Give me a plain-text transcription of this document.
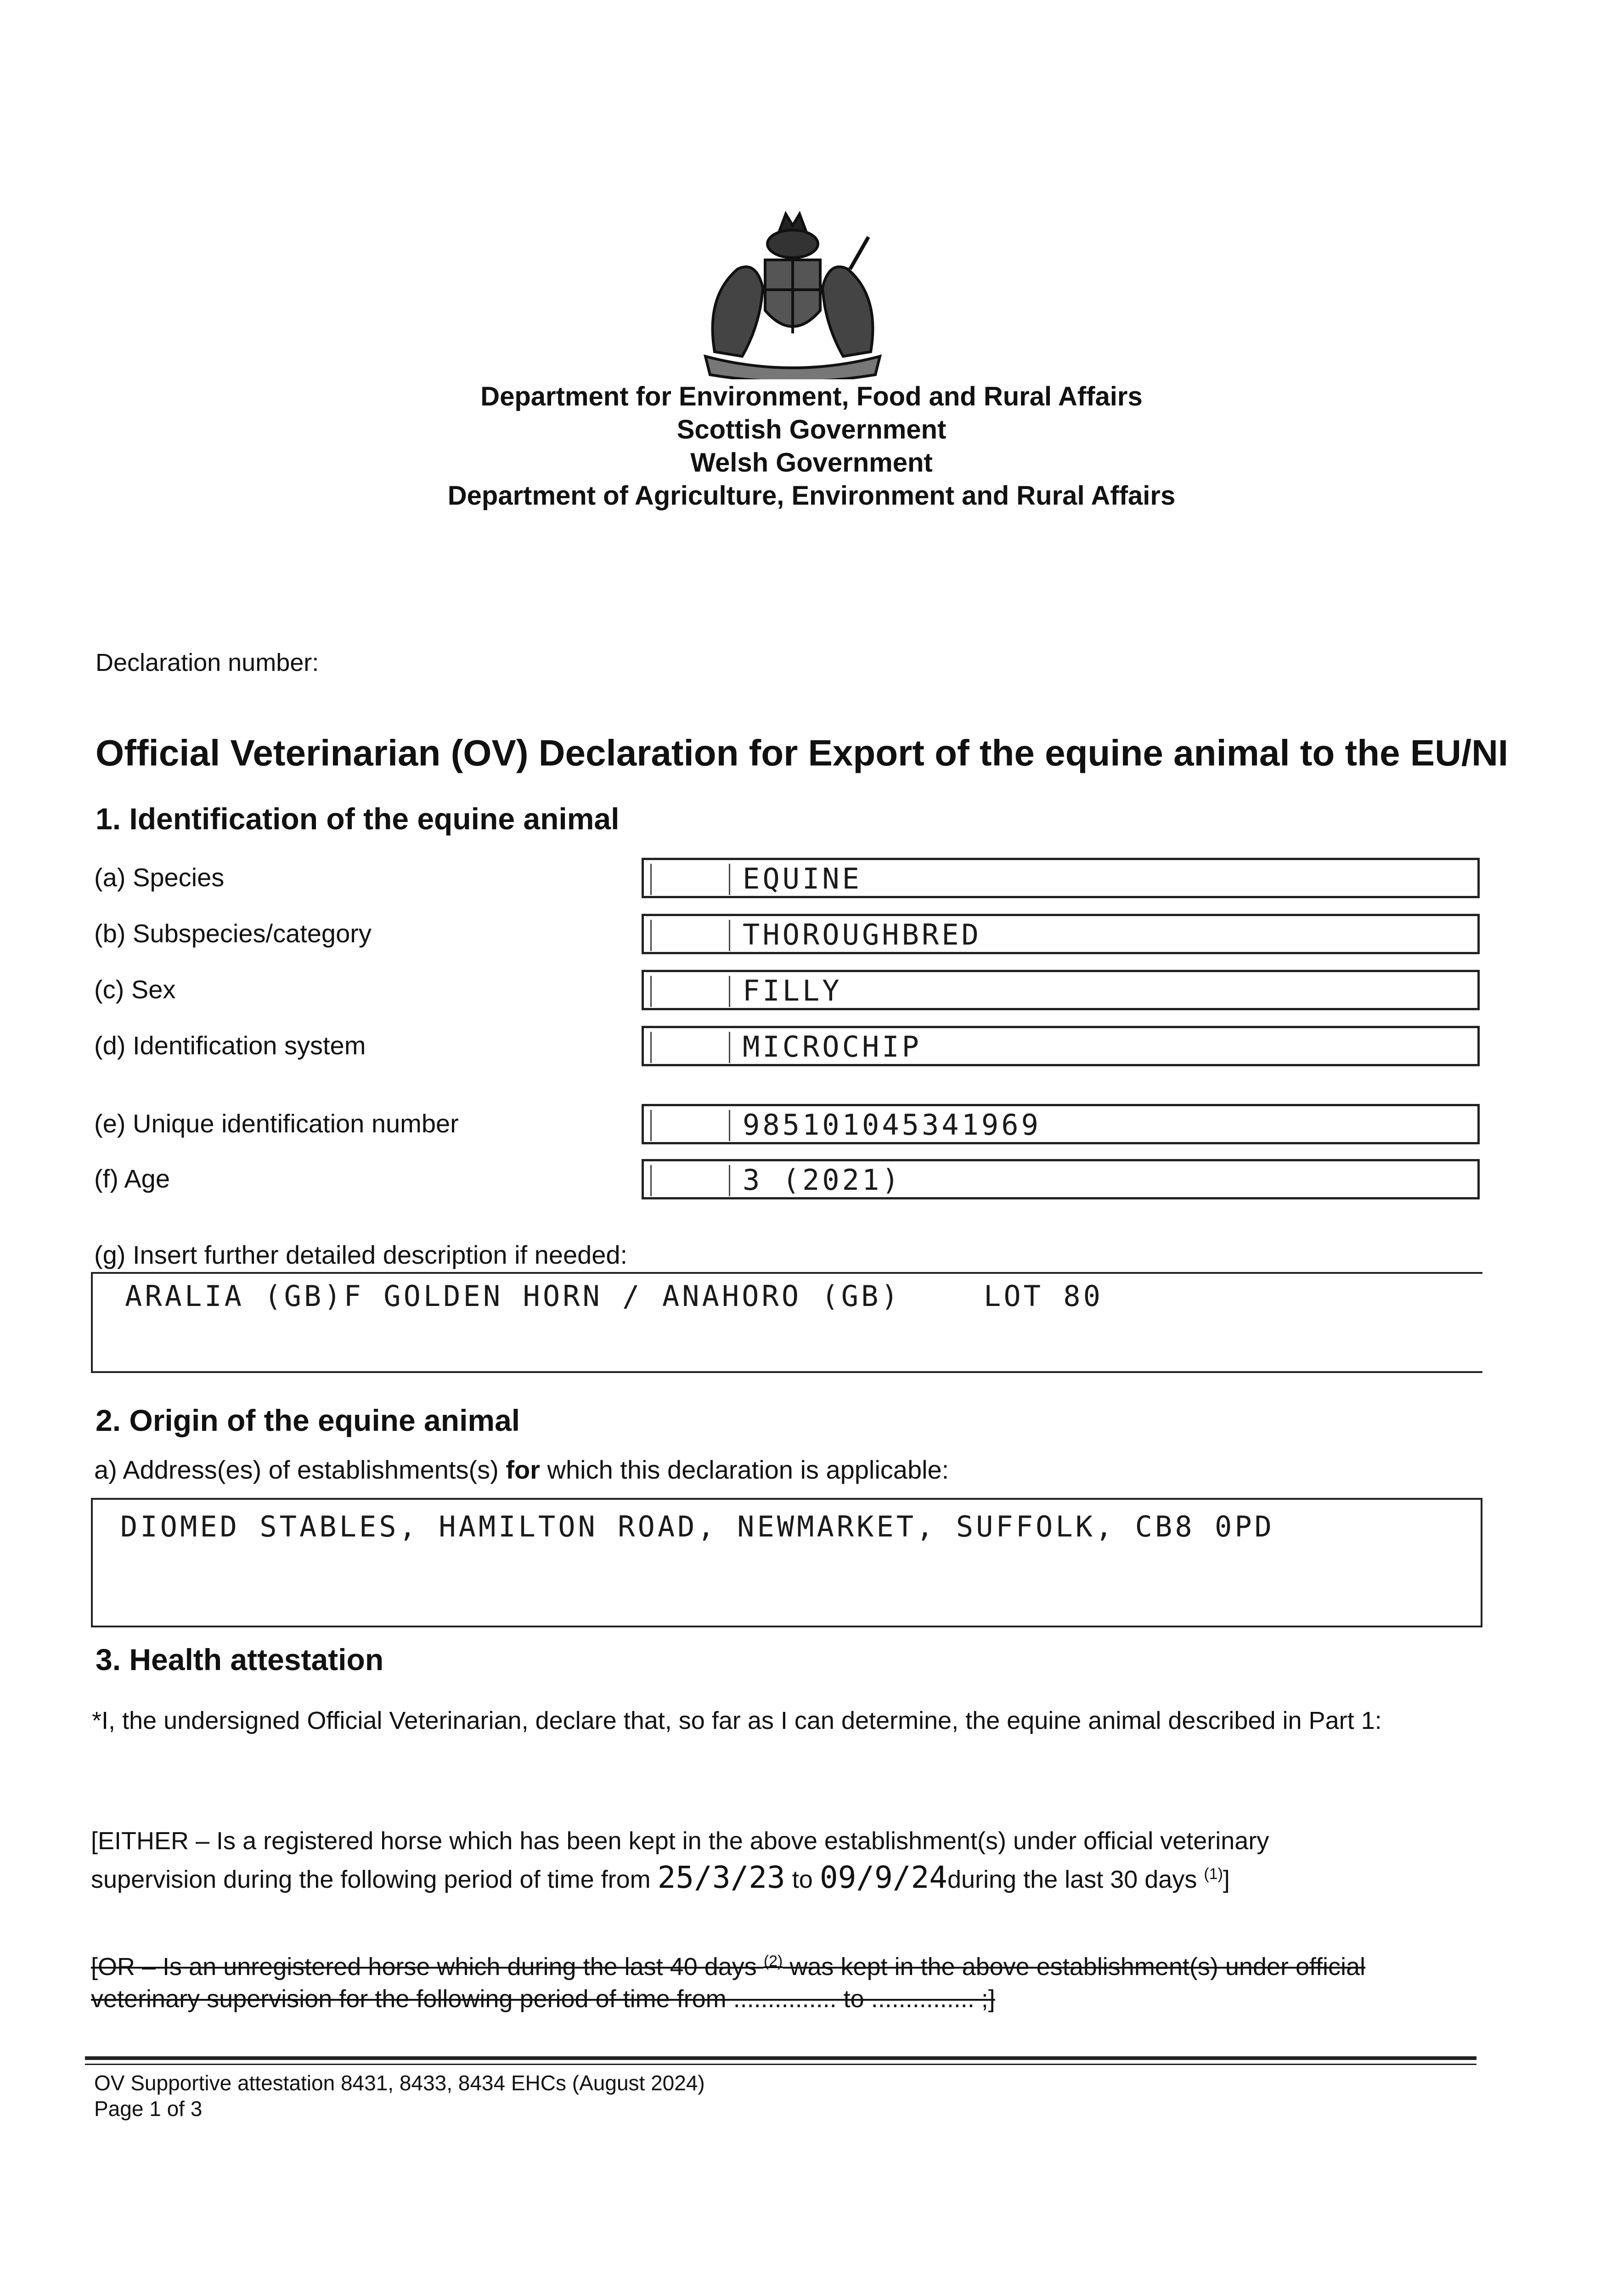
Department for Environment, Food and Rural Affairs
Scottish Government
Welsh Government
Department of Agriculture, Environment and Rural Affairs
Declaration number:
Official Veterinarian (OV) Declaration for Export of the equine animal to the EU/NI
1. Identification of the equine animal
(a) Species	EQUINE
(b) Subspecies/category	THOROUGHBRED
(c) Sex	FILLY
(d) Identification system	MICROCHIP
(e) Unique identification number	985101045341969
(f) Age	3 (2021)
(g) Insert further detailed description if needed:
ARALIA (GB)F GOLDEN HORN / ANAHORO (GB)	LOT 80
2. Origin of the equine animal
a) Address(es) of establishments(s) for which this declaration is applicable:
DIOMED STABLES, HAMILTON ROAD, NEWMARKET, SUFFOLK, CB8 0PD
3. Health attestation
*I, the undersigned Official Veterinarian, declare that, so far as I can determine, the equine animal described in Part 1:
[EITHER – Is a registered horse which has been kept in the above establishment(s) under official veterinary
supervision during the following period of time from 25/3/23 to 09/9/24during the last 30 days $^{(1)}$]
[OR – Is an unregistered horse which during the last 40 days $^{(2)}$ was kept in the above establishment(s) under official
veterinary supervision for the following period of time from ............... to ............... ;]
OV Supportive attestation 8431, 8433, 8434 EHCs (August 2024)
Page 1 of 3
